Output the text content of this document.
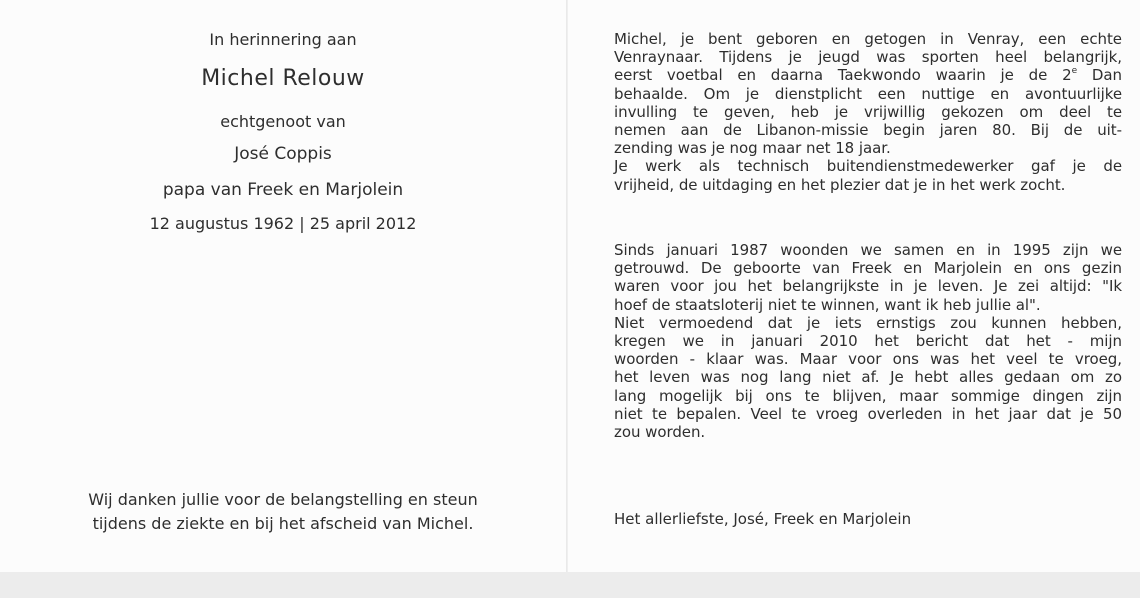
In herinnering aan
Michel Relouw
echtgenoot van
José Coppis
papa van Freek en Marjolein
12 augustus 1962 | 25 april 2012
Wij danken jullie voor de belangstelling en steun
tijdens de ziekte en bij het afscheid van Michel.

Michel, je bent geboren en getogen in Venray, een echte

Venraynaar. Tijdens je jeugd was sporten heel belangrijk,

eerst voetbal en daarna Taekwondo waarin je de 2e Dan

behaalde. Om je dienstplicht een nuttige en avontuurlijke

invulling te geven, heb je vrijwillig gekozen om deel te

nemen aan de Libanon-missie begin jaren 80. Bij de uit-

zending was je nog maar net 18 jaar.

Je werk als technisch buitendienstmedewerker gaf je de

vrijheid, de uitdaging en het plezier dat je in het werk zocht.

Sinds januari 1987 woonden we samen en in 1995 zijn we

getrouwd. De geboorte van Freek en Marjolein en ons gezin

waren voor jou het belangrijkste in je leven. Je zei altijd: "Ik

hoef de staatsloterij niet te winnen, want ik heb jullie al".

Niet vermoedend dat je iets ernstigs zou kunnen hebben,

kregen we in januari 2010 het bericht dat het - mijn

woorden - klaar was. Maar voor ons was het veel te vroeg,

het leven was nog lang niet af. Je hebt alles gedaan om zo

lang mogelijk bij ons te blijven, maar sommige dingen zijn

niet te bepalen. Veel te vroeg overleden in het jaar dat je 50

zou worden.

Het allerliefste, José, Freek en Marjolein
